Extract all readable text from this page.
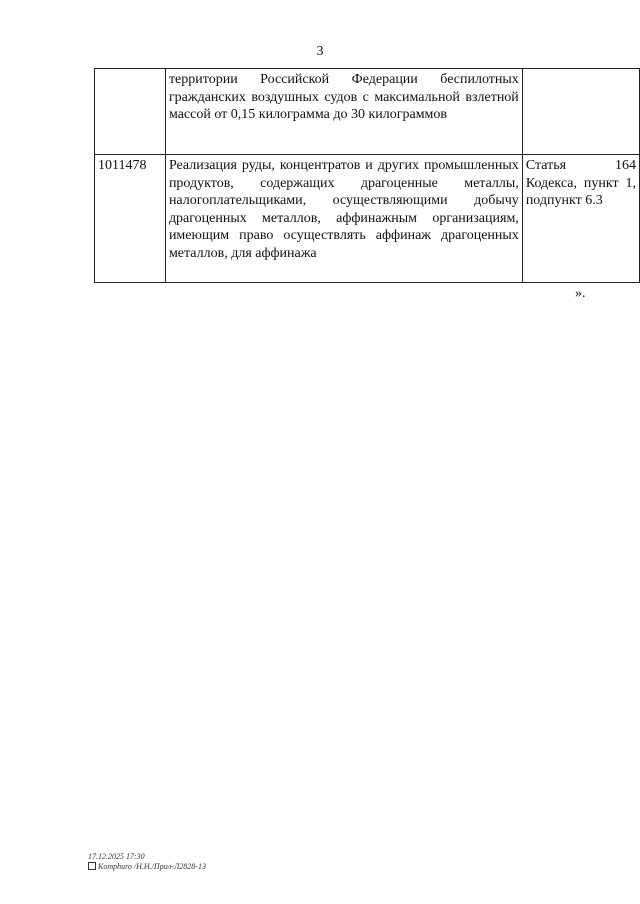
3
	территории Российской Федерации беспилотных гражданских воздушных судов с максимальной взлетной массой от 0,15 килограмма до 30 килограммов	
1011478	Реализация руды, концентратов и других промышленных продуктов, содержащих драгоценные металлы, налогоплательщиками, осуществляющими добычу драгоценных металлов, аффинажным организациям, имеющим право осуществлять аффинаж драгоценных металлов, для аффинажа	Статья 164 Кодекса, пункт 1, подпункт 6.3
».
17.12.2025 17:30
Komphuro /Н.Н./Прил-Л2828-13
